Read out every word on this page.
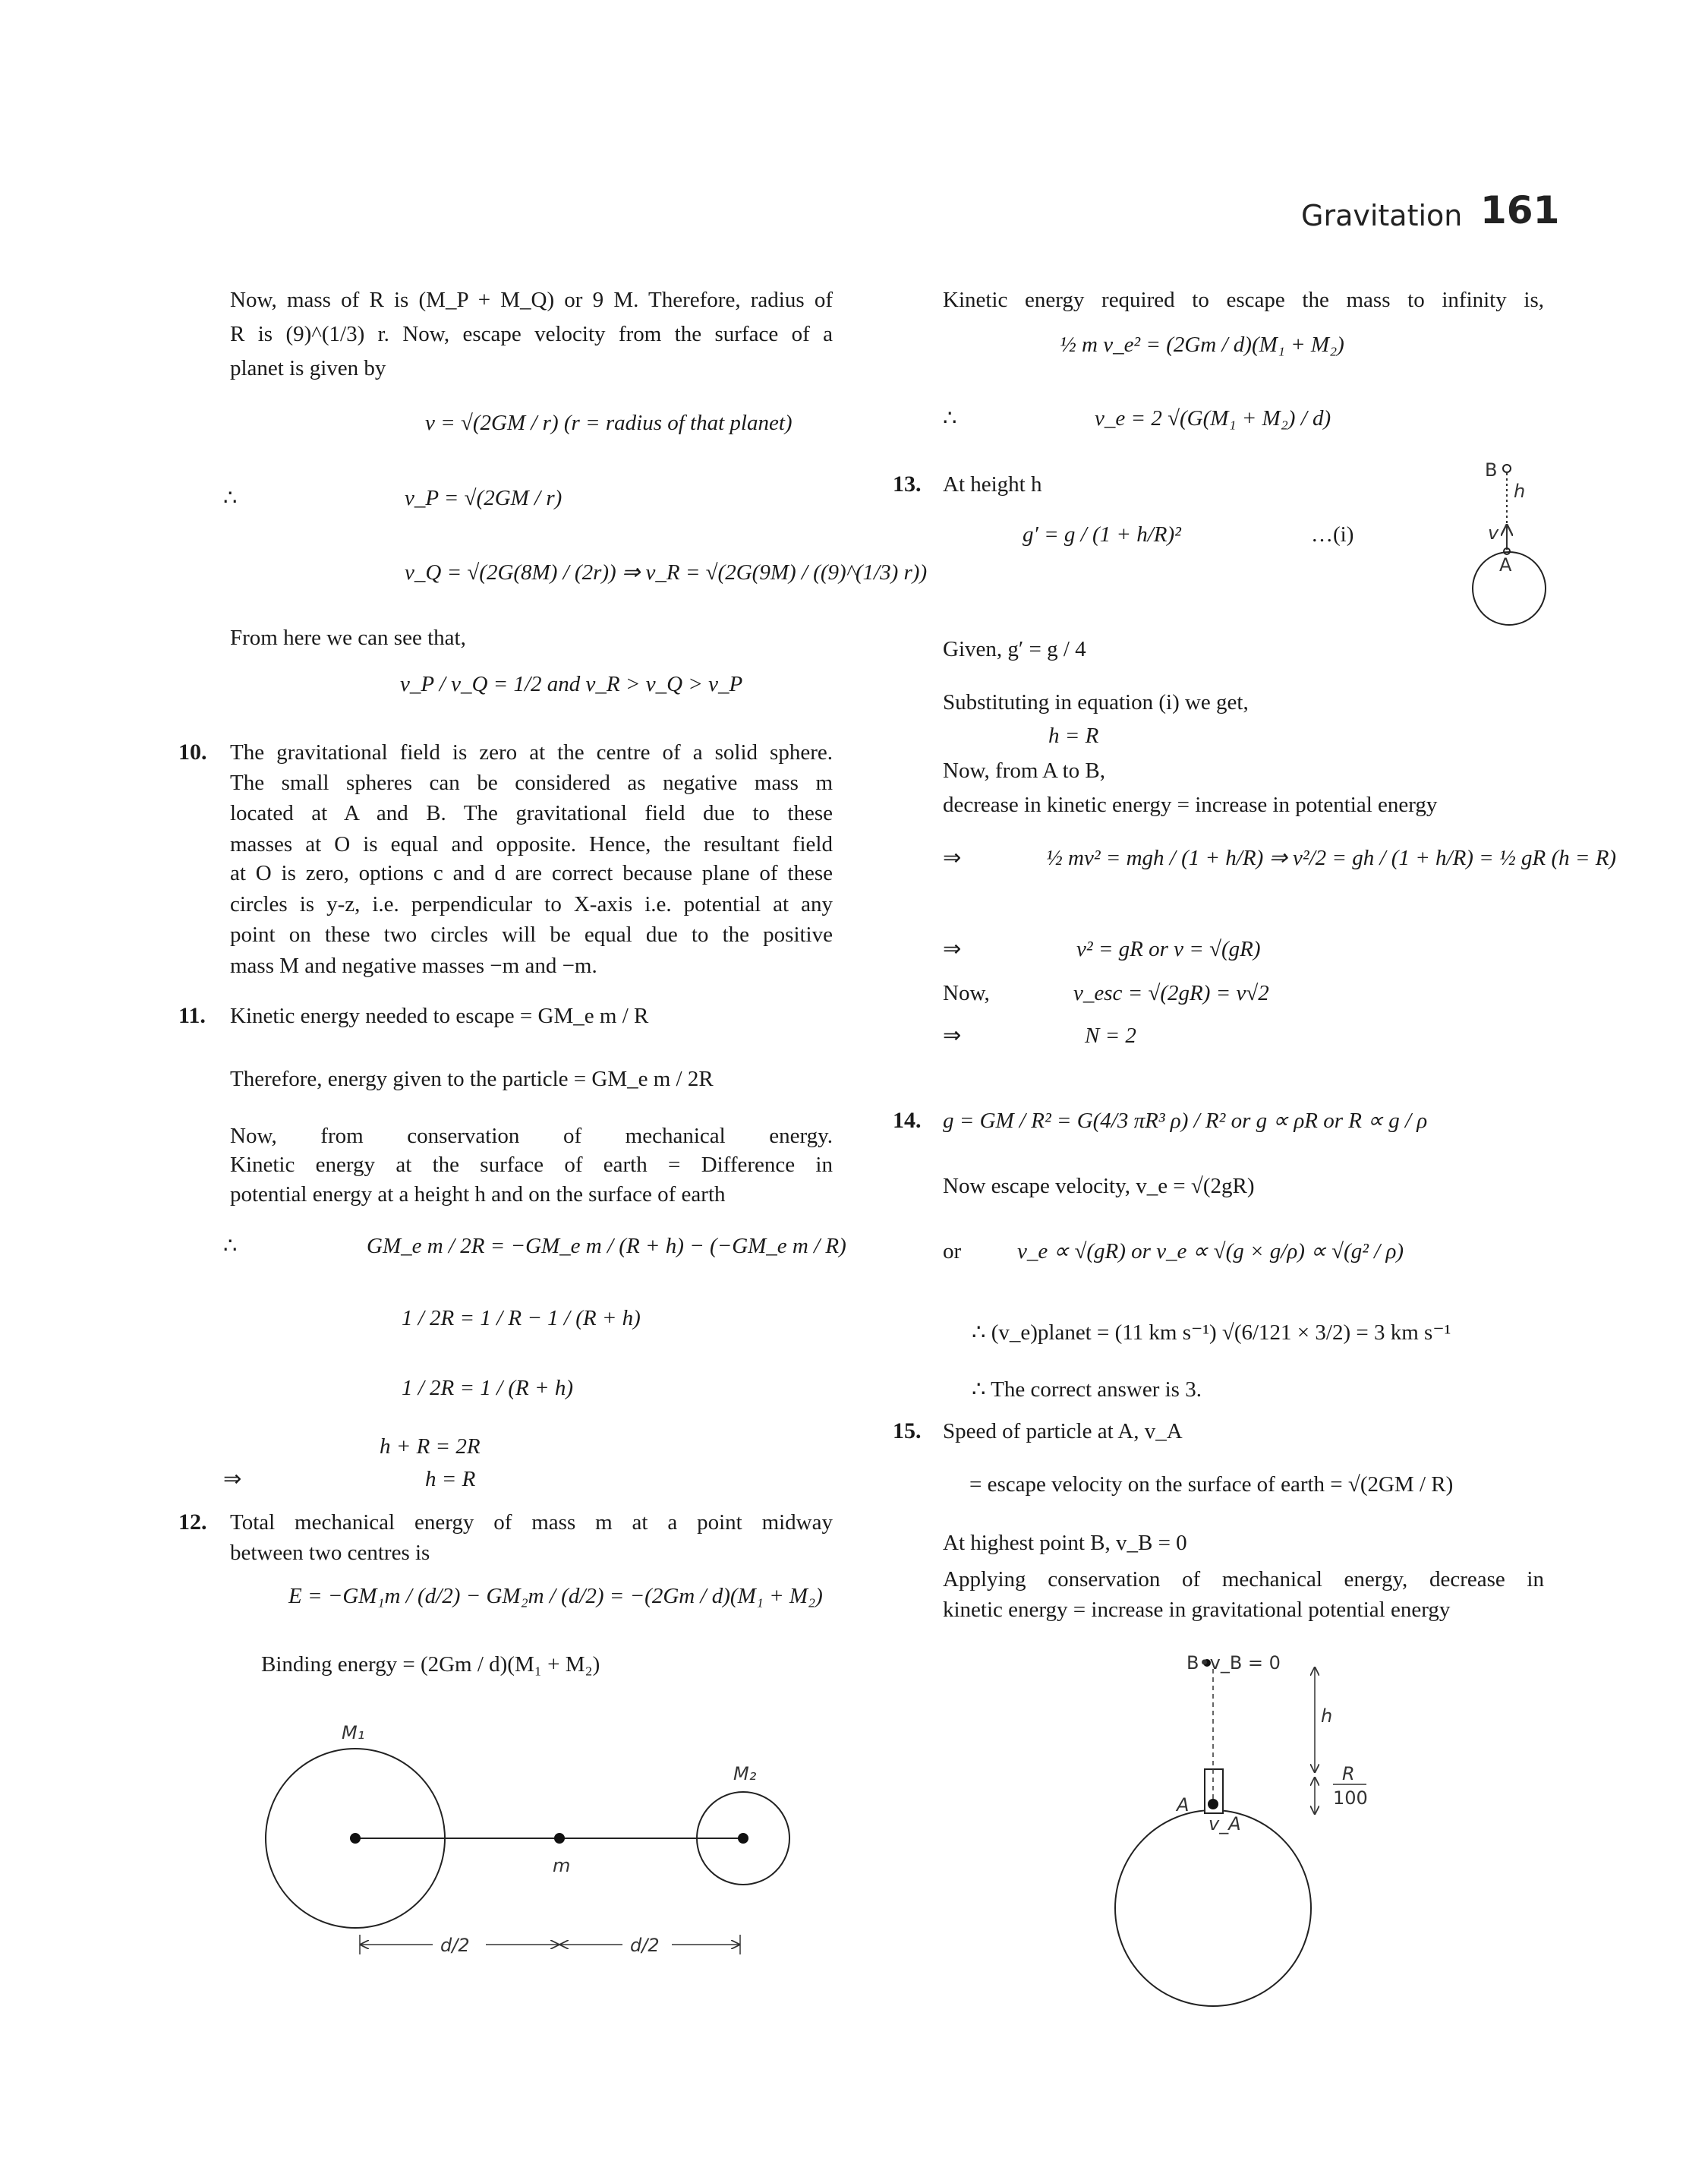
Gravitation 161
Now, mass of R is (M_P + M_Q) or 9 M. Therefore, radius of
R is (9)^(1/3) r. Now, escape velocity from the surface of a
planet is given by
v = √(2GM / r) (r = radius of that planet)
∴	v_P = √(2GM / r)
v_Q = √(2G(8M) / (2r)) ⇒ v_R = √(2G(9M) / ((9)^(1/3) r))
From here we can see that,
v_P / v_Q = 1/2 and v_R > v_Q > v_P
10. The gravitational field is zero at the centre of a solid sphere.
The small spheres can be considered as negative mass m
located at A and B. The gravitational field due to these
masses at O is equal and opposite. Hence, the resultant field
at O is zero, options c and d are correct because plane of these
circles is y-z, i.e. perpendicular to X-axis i.e. potential at any
point on these two circles will be equal due to the positive
mass M and negative masses −m and −m.
11. Kinetic energy needed to escape = GM_e m / R
Therefore, energy given to the particle = GM_e m / 2R
Now, from conservation of mechanical energy.
Kinetic energy at the surface of earth = Difference in
potential energy at a height h and on the surface of earth
∴	GM_e m / 2R = −GM_e m / (R + h) − (−GM_e m / R)
1 / 2R = 1 / R − 1 / (R + h)
1 / 2R = 1 / (R + h)
h + R = 2R
⇒	h = R
12. Total mechanical energy of mass m at a point midway
between two centres is
E = −GM₁m / (d/2) − GM₂m / (d/2) = −(2Gm / d)(M₁ + M₂)
Binding energy = (2Gm / d)(M₁ + M₂)
Kinetic energy required to escape the mass to infinity is,
½ m v_e² = (2Gm / d)(M₁ + M₂)
∴	v_e = 2 √(G(M₁ + M₂) / d)
13. At height h
g′ = g / (1 + h/R)²	…(i)
Given, g′ = g / 4
Substituting in equation (i) we get,
h = R
Now, from A to B,
decrease in kinetic energy = increase in potential energy
⇒	½ mv² = mgh / (1 + h/R) ⇒ v²/2 = gh / (1 + h/R) = ½ gR (h = R)
⇒	v² = gR or v = √(gR)
Now,	v_esc = √(2gR) = v√2
⇒	N = 2
14. g = GM / R² = G(4/3 πR³ ρ) / R² or g ∝ ρR or R ∝ g / ρ
Now escape velocity, v_e = √(2gR)
or	v_e ∝ √(gR) or v_e ∝ √(g × g/ρ) ∝ √(g² / ρ)
∴ (v_e)planet = (11 km s⁻¹) √(6/121 × 3/2) = 3 km s⁻¹
∴ The correct answer is 3.
15. Speed of particle at A, v_A
= escape velocity on the surface of earth = √(2GM / R)
At highest point B, v_B = 0
Applying conservation of mechanical energy, decrease in
kinetic energy = increase in gravitational potential energy
M₁
M₂
m
d/2	d/2
B
h
v
A
B•v_B = 0
A
v_A
h
R
100
